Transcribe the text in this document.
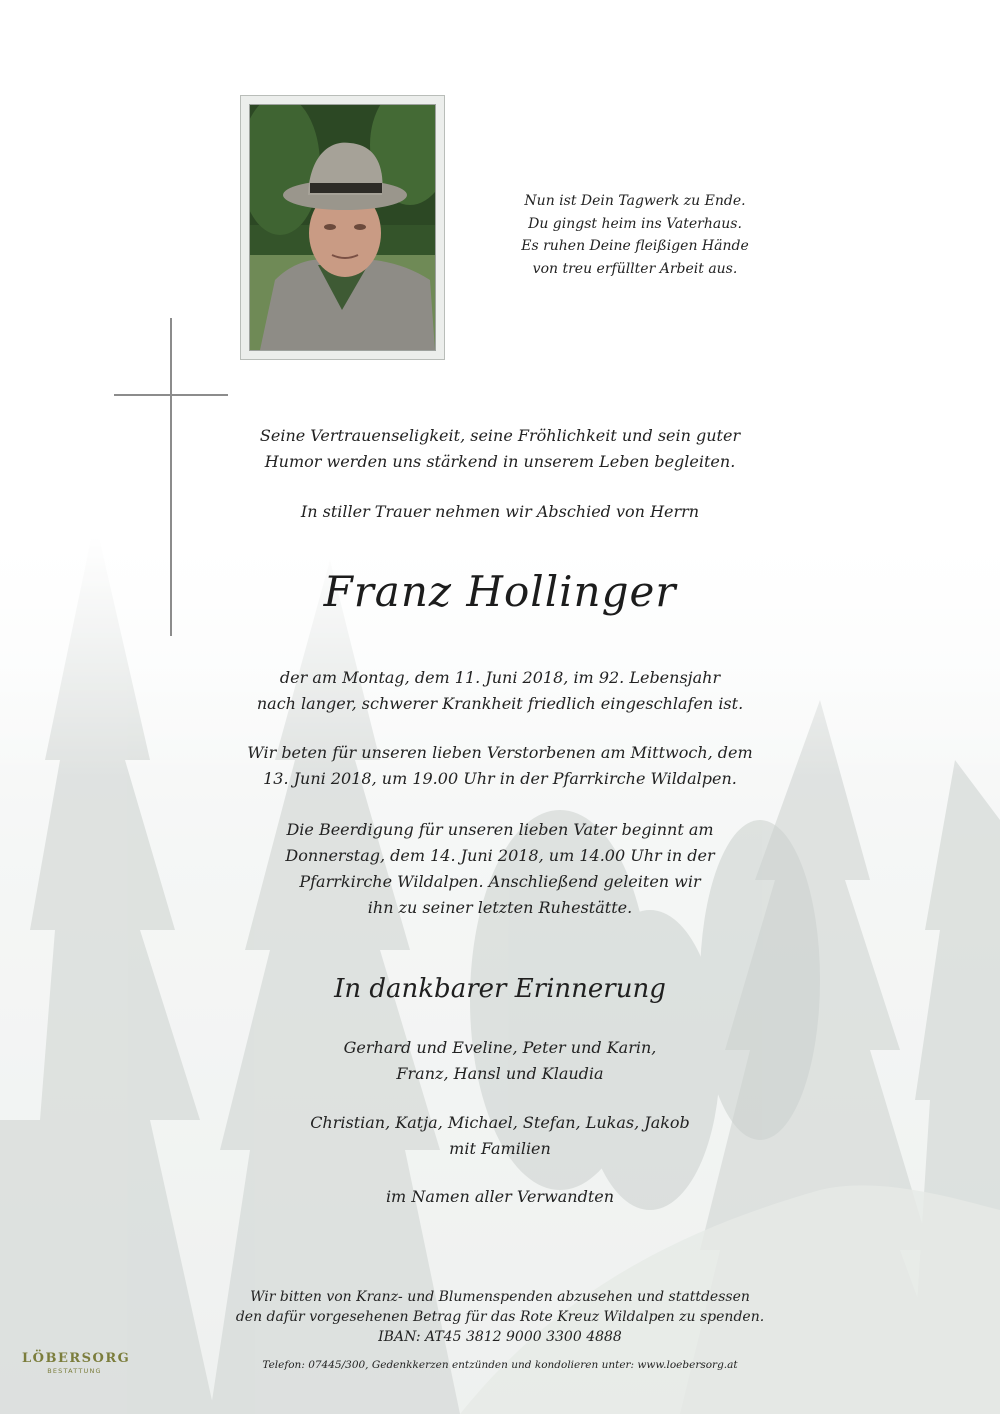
Nun ist Dein Tagwerk zu Ende.
Du gingst heim ins Vaterhaus.
Es ruhen Deine fleißigen Hände
von treu erfüllter Arbeit aus.
Seine Vertrauenseligkeit, seine Fröhlichkeit und sein guter
Humor werden uns stärkend in unserem Leben begleiten.
In stiller Trauer nehmen wir Abschied von Herrn
Franz Hollinger
der am Montag, dem 11. Juni 2018, im 92. Lebensjahr
nach langer, schwerer Krankheit friedlich eingeschlafen ist.
Wir beten für unseren lieben Verstorbenen am Mittwoch, dem
13. Juni 2018, um 19.00 Uhr in der Pfarrkirche Wildalpen.
Die Beerdigung für unseren lieben Vater beginnt am
Donnerstag, dem 14. Juni 2018, um 14.00 Uhr in der
Pfarrkirche Wildalpen. Anschließend geleiten wir
ihn zu seiner letzten Ruhestätte.
In dankbarer Erinnerung
Gerhard und Eveline, Peter und Karin,
Franz, Hansl und Klaudia
Christian, Katja, Michael, Stefan, Lukas, Jakob
mit Familien
im Namen aller Verwandten
Wir bitten von Kranz- und Blumenspenden abzusehen und stattdessen
den dafür vorgesehenen Betrag für das Rote Kreuz Wildalpen zu spenden.
IBAN: AT45 3812 9000 3300 4888
Telefon: 07445/300, Gedenkkerzen entzünden und kondolieren unter: www.loebersorg.at
LÖBERSORG
BESTATTUNG
